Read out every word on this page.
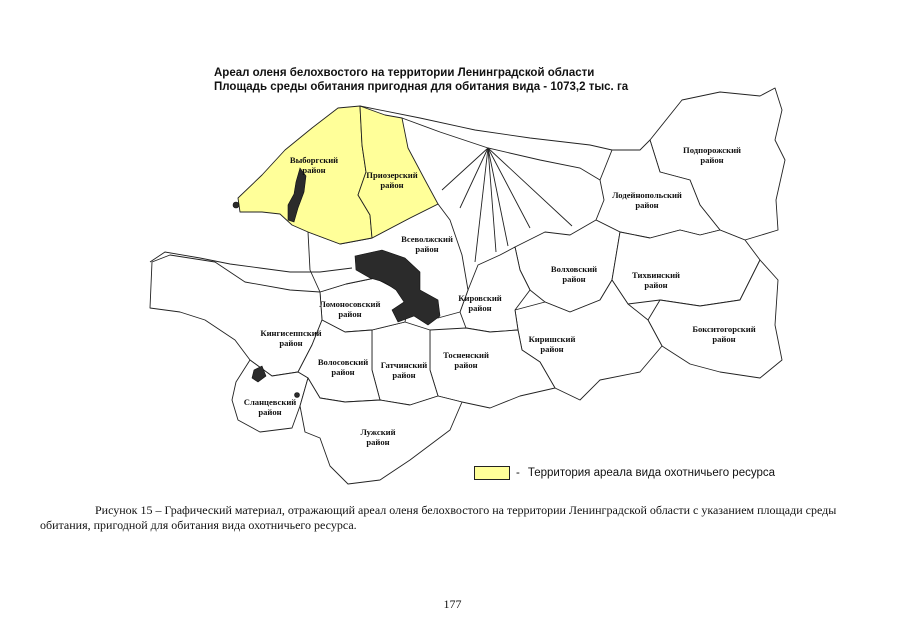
Ареал оленя белохвостого на территории Ленинградской области
Площадь среды обитания пригодная для обитания вида - 1073,2 тыс. га
Выборгский
район	Приозерский
район
Всеволжский
район
Подпорожский
район
Лодейнопольский
район
Волховский
район	Тихвинский
район
Бокситогорский
район
Кировский
район
Киришский
район
Тосненский
район
Ломоносовский
район
Кингисеппский
район
Волосовский
район
Гатчинский
район
Сланцевский
район
Лужский
район
- Территория ареала вида охотничьего ресурса
Рисунок 15 – Графический материал, отражающий ареал оленя белохвостого на территории Ленинградской области с указанием площади среды обитания, пригодной для обитания вида охотничьего ресурса.
177
